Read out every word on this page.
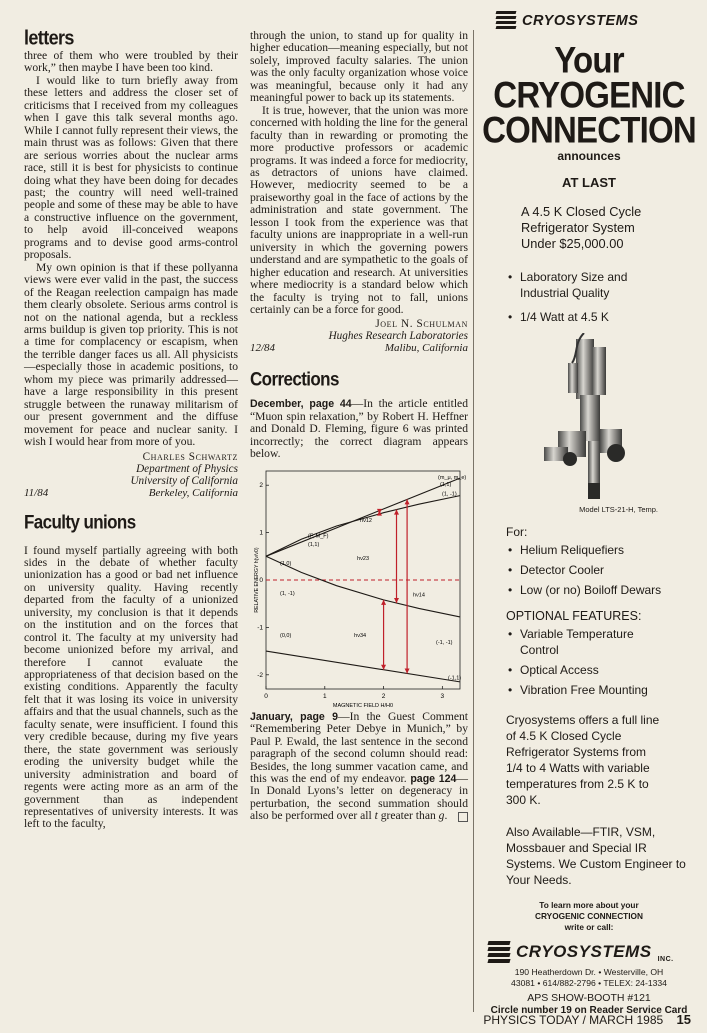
letters

three of them who were troubled by their work,” then maybe I have been too kind.

I would like to turn briefly away from these letters and address the closer set of criticisms that I received from my colleagues when I gave this talk several months ago. While I cannot fully represent their views, the main thrust was as follows: Given that there are serious worries about the nuclear arms race, still it is best for physicists to continue doing what they have been doing for decades past; the country will need well-trained people and some of these may be able to have a constructive influence on the government, to help avoid ill-conceived weapons programs and to devise good arms-control proposals.

My own opinion is that if these pollyanna views were ever valid in the past, the success of the Reagan reelection campaign has made them clearly obsolete. Serious arms control is not on the national agenda, but a reckless arms buildup is given top priority. This is not a time for complacency or escapism, when the terrible danger faces us all. All physicists—especially those in academic positions, to whom my piece was primarily addressed—have a large responsibility in this present struggle between the runaway militarism of our present government and the diffuse movement for peace and nuclear sanity. I wish I would hear from more of you.

Charles Schwartz
Department of Physics
University of California
11/84	Berkeley, California
Faculty unions

I found myself partially agreeing with both sides in the debate of whether faculty unionization has a good or bad net influence on university quality. Having recently departed from the faculty of a unionized university, my conclusion is that it depends on the institution and on the forces that control it. The faculty at my university had become unionized before my arrival, and therefore I cannot evaluate the appropriateness of that decision based on the existing conditions. Apparently the faculty felt that it was losing its voice in university affairs and that the usual channels, such as the faculty senate, were insufficient. I found this very credible because, during my five years there, the state government was seriously eroding the university budget while the university administration and board of regents were acting more as an arm of the government than as independent representatives of university interests. It was left to the faculty,

through the union, to stand up for quality in higher education—meaning especially, but not solely, improved faculty salaries. The union was the only faculty organization whose voice was meaningful, because only it had any meaningful power to back up its statements.

It is true, however, that the union was more concerned with holding the line for the general faculty than in rewarding or promoting the more productive professors or academic programs. It was indeed a force for mediocrity, as detractors of unions have claimed. However, mediocrity seemed to be a praiseworthy goal in the face of actions by the administration and state government. The lesson I took from the experience was that faculty unions are inappropriate in a well-run university in which the governing powers understand and are sympathetic to the goals of higher education and research. At universities where mediocrity is a standard below which the faculty is trying not to fall, unions certainly can be a force for good.

Joel N. Schulman
Hughes Research Laboratories
12/84	Malibu, California
Corrections

December, page 44—In the article entitled “Muon spin relaxation,” by Robert H. Heffner and Donald D. Fleming, figure 6 was printed incorrectly; the correct diagram appears below.

0	1	2	3
2
1
0
-1
-2
MAGNETIC FIELD H/H0
RELATIVE ENERGY h(ν/ν0)
(m_μ, m_e)
(1,1)
(1, -1)
(F, M_F)
(1,1)
(1,0)
(1, -1)
(0,0)
(-1, -1)
(-1,1)
hν12
hν23
hν14
hν34

January, page 9—In the Guest Comment “Remembering Peter Debye in Munich,” by Paul P. Ewald, the last sentence in the second paragraph of the second column should read: Besides, the long summer vacation came, and this was the end of my endeavor. page 124—In Donald Lyons’s letter on degeneracy in perturbation, the second summation should also be performed over all t greater than g.

CRYOSYSTEMS
Your
CRYOGENIC
CONNECTION
announces
AT LAST
A 4.5 K Closed Cycle
Refrigerator System
Under $25,000.00
• Laboratory Size and Industrial Quality
• 1/4 Watt at 4.5 K
Model LTS-21-H, Temp.
For:
• Helium Reliquefiers
• Detector Cooler
• Low (or no) Boiloff Dewars
OPTIONAL FEATURES:
• Variable Temperature Control
• Optical Access
• Vibration Free Mounting
Cryosystems offers a full line of 4.5 K Closed Cycle Refrigerator Systems from 1/4 to 4 Watts with variable temperatures from 2.5 K to 300 K.
Also Available—FTIR, VSM, Mossbauer and Special IR Systems. We Custom Engineer to Your Needs.
To learn more about your
CRYOGENIC CONNECTION
write or call:
CRYOSYSTEMS INC.
190 Heatherdown Dr. • Westerville, OH
43081 • 614/882-2796 • TELEX: 24-1334
APS SHOW-BOOTH #121
Circle number 19 on Reader Service Card
PHYSICS TODAY / MARCH 1985 15
